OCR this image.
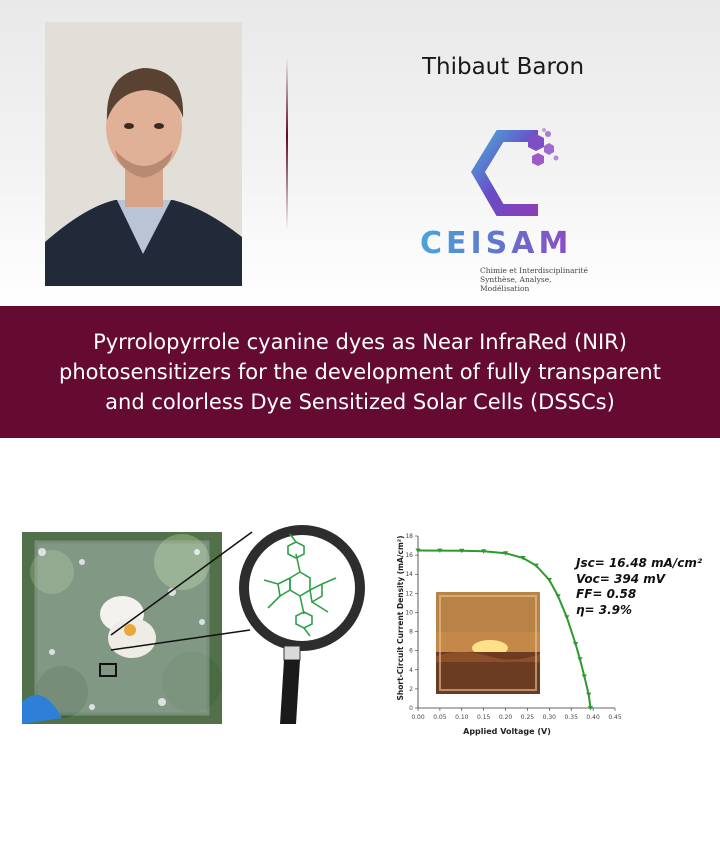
Thibaut Baron
CEISAM
Chimie et Interdisciplinarité
Synthèse, Analyse,
Modélisation
Pyrrolopyrrole cyanine dyes as Near InfraRed (NIR)
photosensitizers for the development of fully transparent
and colorless Dye Sensitized Solar Cells (DSSCs)
0.00 0.05 0.10 0.15 0.20 0.25 0.30 0.35 0.40 0.45
0
2
4
6
8
10
12
14
16
18
Applied Voltage (V)
Short-Circuit Current Density (mA/cm²)	Jsc= 16.48 mA/cm²
Voc= 394 mV
FF= 0.58
η= 3.9%
